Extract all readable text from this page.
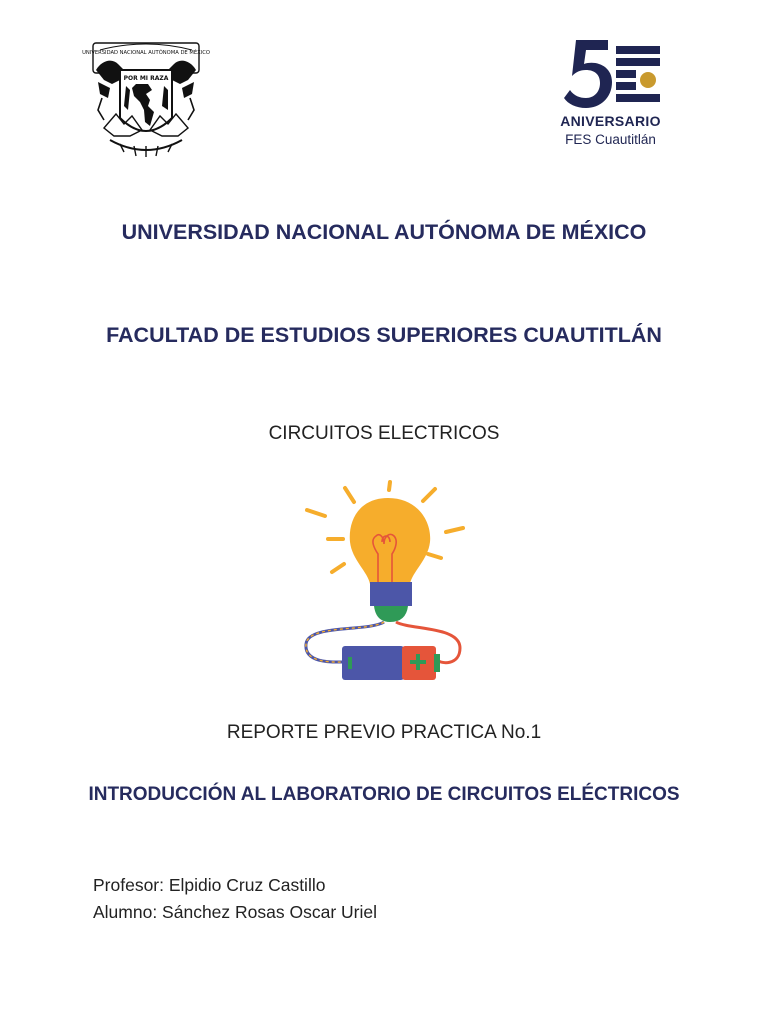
UNIVERSIDAD NACIONAL AUTÓNOMA DE MÉXICO
POR MI RAZA
ANIVERSARIO
FES Cuautitlán
UNIVERSIDAD NACIONAL AUTÓNOMA DE MÉXICO
FACULTAD DE ESTUDIOS SUPERIORES CUAUTITLÁN
CIRCUITOS ELECTRICOS
REPORTE PREVIO PRACTICA No.1
INTRODUCCIÓN AL LABORATORIO DE CIRCUITOS ELÉCTRICOS
Profesor: Elpidio Cruz Castillo
Alumno: Sánchez Rosas Oscar Uriel
